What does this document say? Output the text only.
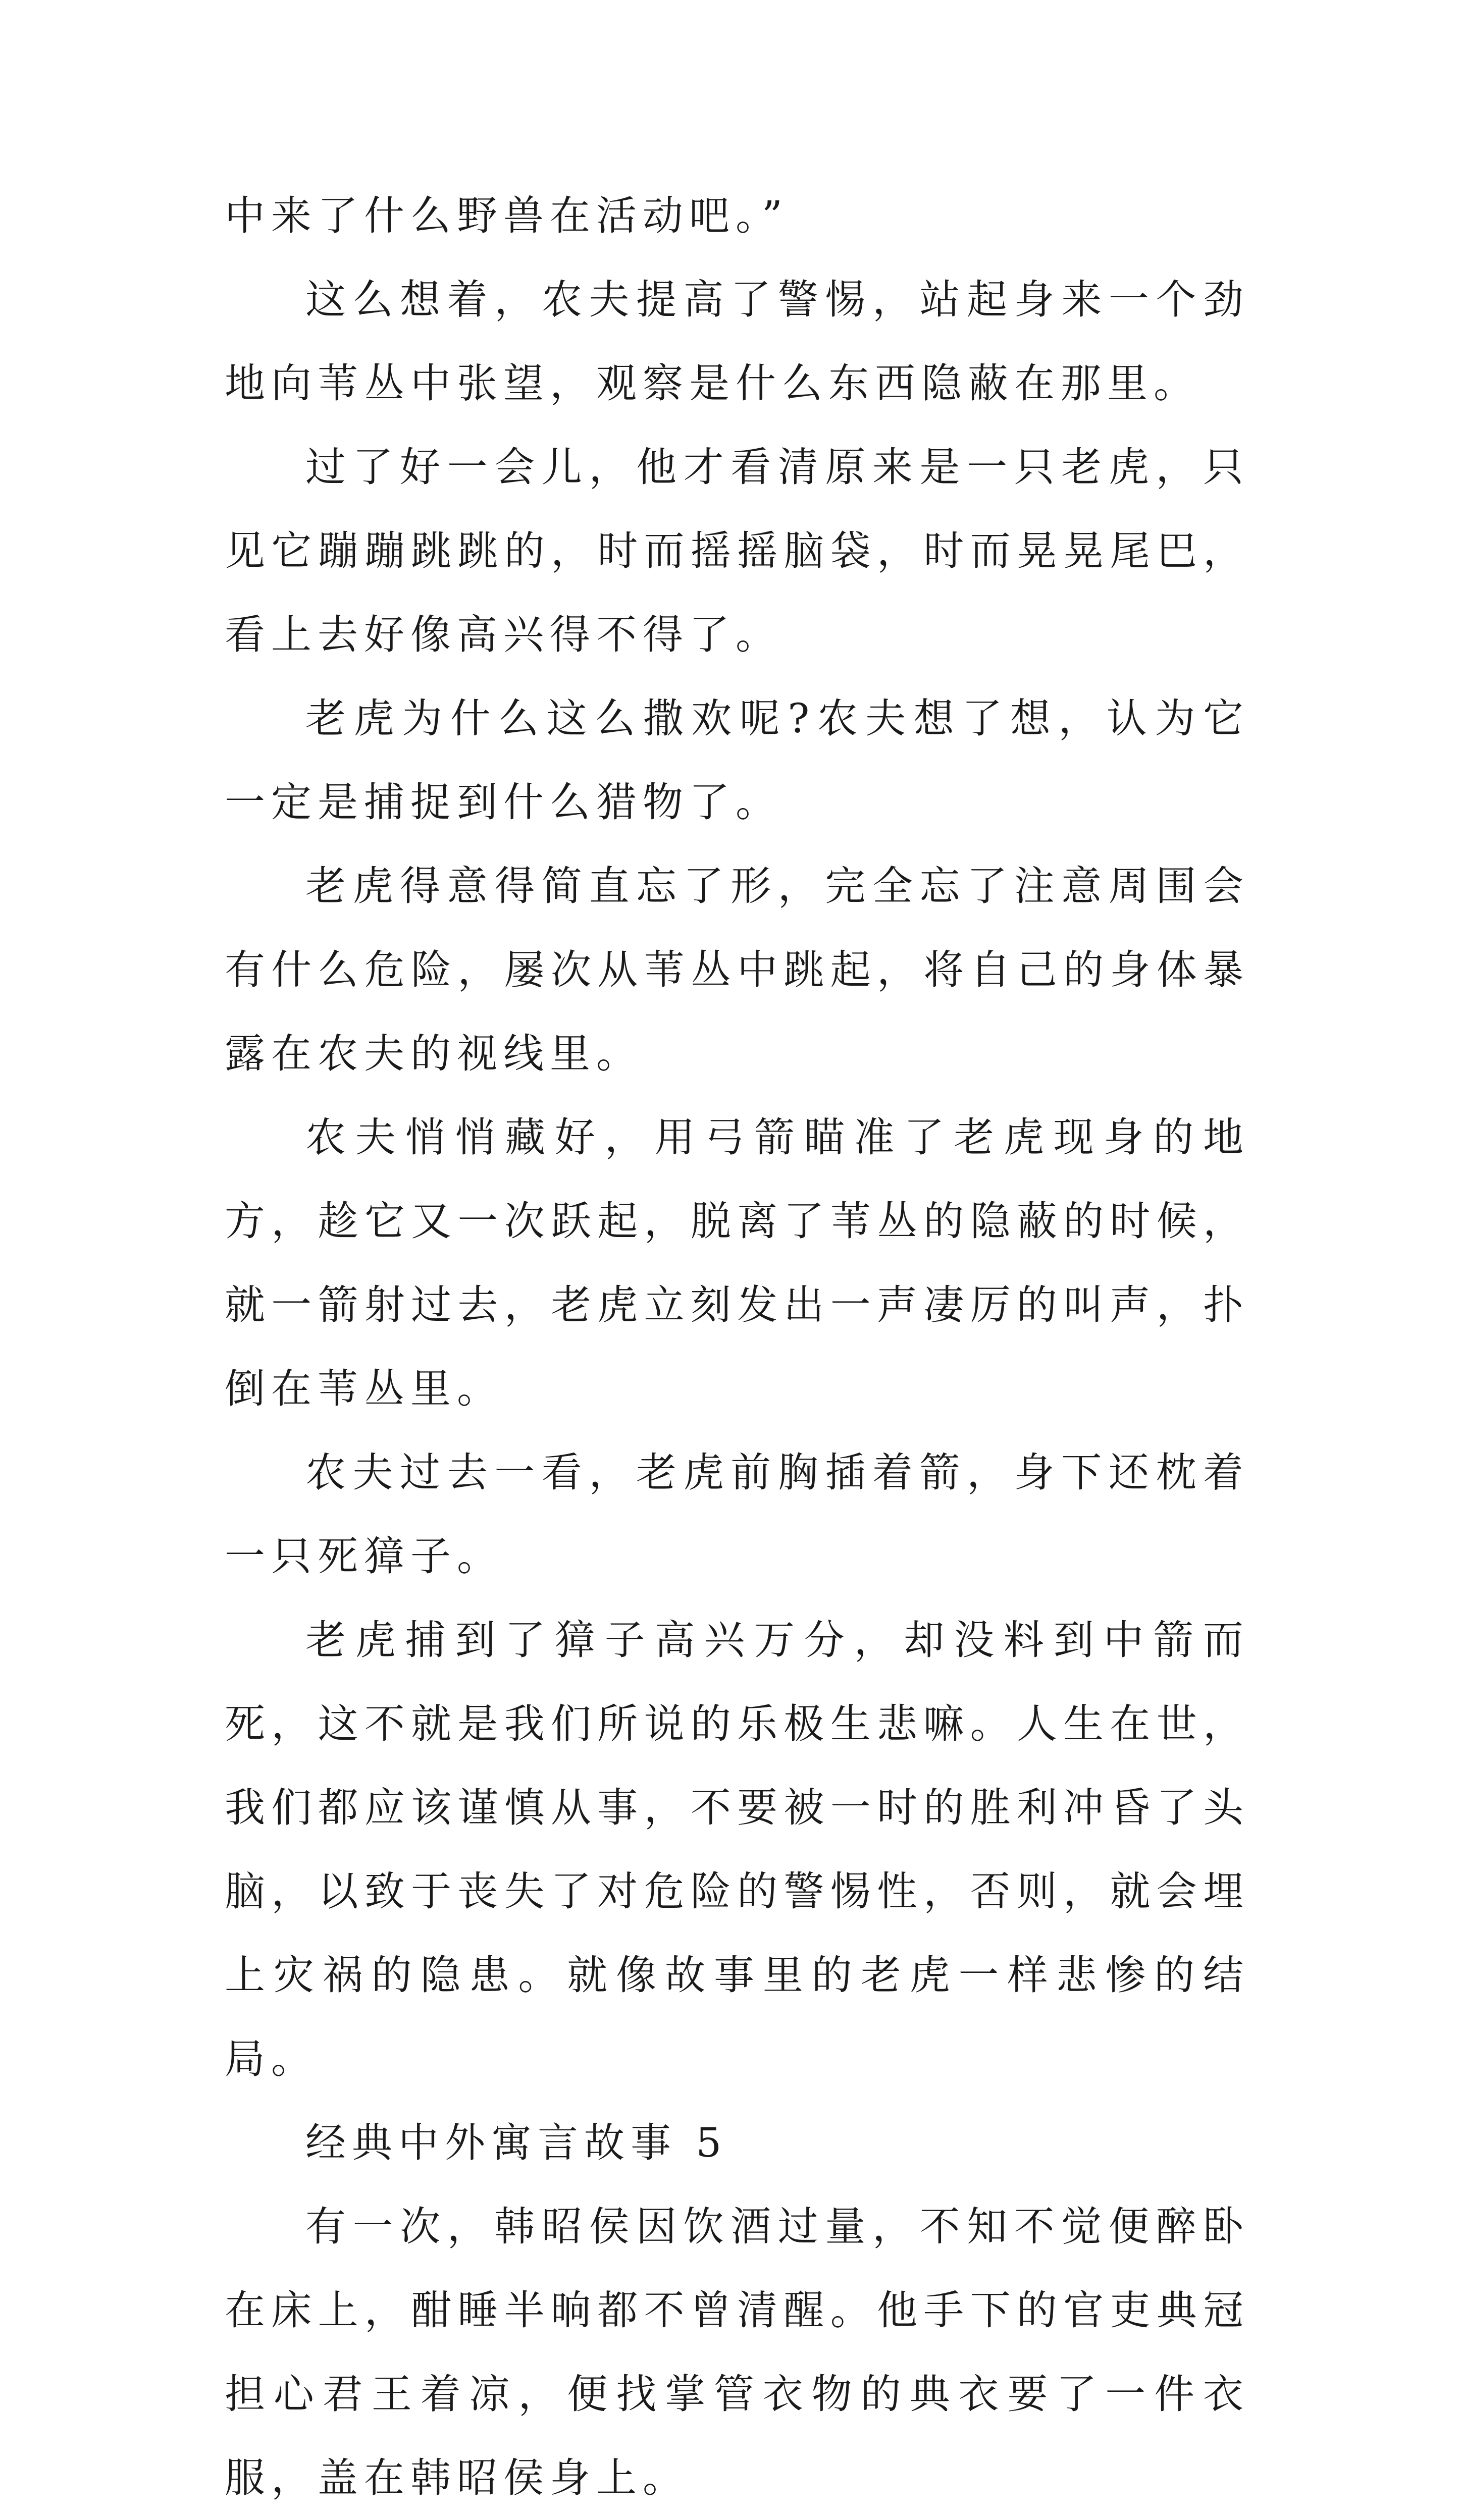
中来了什么野兽在活动吧。”

这么想着，农夫提高了警惕，站起身来一个劲地向苇丛中张望，观察是什么东西隐蔽在那里。

过了好一会儿，他才看清原来是一只老虎，只见它蹦蹦跳跳的，时而摇摇脑袋，时而晃晃尾巴，看上去好像高兴得不得了。

老虎为什么这么撒欢呢?农夫想了想，认为它一定是捕捉到什么猎物了。

老虎得意得简直忘了形，完全忘了注意周围会有什么危险，屡次从苇丛中跳起，将自己的身体暴露在农夫的视线里。

农夫悄悄藏好，用弓箭瞄准了老虎现身的地方，趁它又一次跃起，脱离了苇丛的隐蔽的时候，就一箭射过去，老虎立刻发出一声凄厉的叫声，扑倒在苇丛里。

农夫过去一看，老虎前胸插着箭，身下还枕着一只死獐子。

老虎捕到了獐子高兴万分，却没料到中箭而死，这不就是我们所说的乐极生悲嘛。人生在世，我们都应该谨慎从事，不要被一时的胜利冲昏了头脑，以致于丧失了对危险的警惕性，否则，就会埋上灾祸的隐患。就像故事里的老虎一样悲惨的结局。

经典中外寓言故事 5

有一次，韩昭侯因饮酒过量，不知不觉便醉卧在床上，酣睡半晌都不曾清醒。他手下的官吏典冠担心君王着凉，便找掌管衣物的典衣要了一件衣服，盖在韩昭侯身上。
